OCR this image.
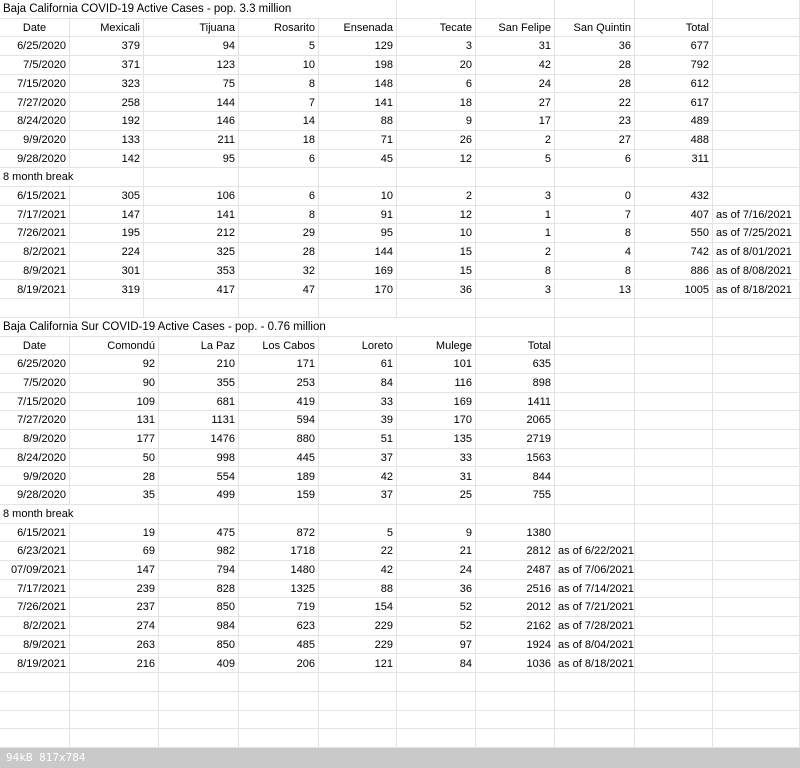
Baja California COVID-19 Active Cases - pop. 3.3 million
Date	Mexicali	Tijuana	Rosarito	Ensenada	Tecate	San Felipe	San Quintin	Total
6/25/2020	379	94	5	129	3	31	36	677
7/5/2020	371	123	10	198	20	42	28	792
7/15/2020	323	75	8	148	6	24	28	612
7/27/2020	258	144	7	141	18	27	22	617
8/24/2020	192	146	14	88	9	17	23	489
9/9/2020	133	211	18	71	26	2	27	488
9/28/2020	142	95	6	45	12	5	6	311
8 month break
6/15/2021	305	106	6	10	2	3	0	432
7/17/2021	147	141	8	91	12	1	7	407 as of 7/16/2021
7/26/2021	195	212	29	95	10	1	8	550 as of 7/25/2021
8/2/2021	224	325	28	144	15	2	4	742 as of 8/01/2021
8/9/2021	301	353	32	169	15	8	8	886 as of 8/08/2021
8/19/2021	319	417	47	170	36	3	13	1005 as of 8/18/2021
Baja California Sur COVID-19 Active Cases - pop. - 0.76 million
Date	Comondú	La Paz	Los Cabos	Loreto	Mulege	Total
6/25/2020	92	210	171	61	101	635
7/5/2020	90	355	253	84	116	898
7/15/2020	109	681	419	33	169	1411
7/27/2020	131	1131	594	39	170	2065
8/9/2020	177	1476	880	51	135	2719
8/24/2020	50	998	445	37	33	1563
9/9/2020	28	554	189	42	31	844
9/28/2020	35	499	159	37	25	755
8 month break
6/15/2021	19	475	872	5	9	1380
6/23/2021	69	982	1718	22	21	2812 as of 6/22/2021
07/09/2021	147	794	1480	42	24	2487 as of 7/06/2021
7/17/2021	239	828	1325	88	36	2516 as of 7/14/2021
7/26/2021	237	850	719	154	52	2012 as of 7/21/2021
8/2/2021	274	984	623	229	52	2162 as of 7/28/2021
8/9/2021	263	850	485	229	97	1924 as of 8/04/2021
8/19/2021	216	409	206	121	84	1036 as of 8/18/2021
94kB 817x784
